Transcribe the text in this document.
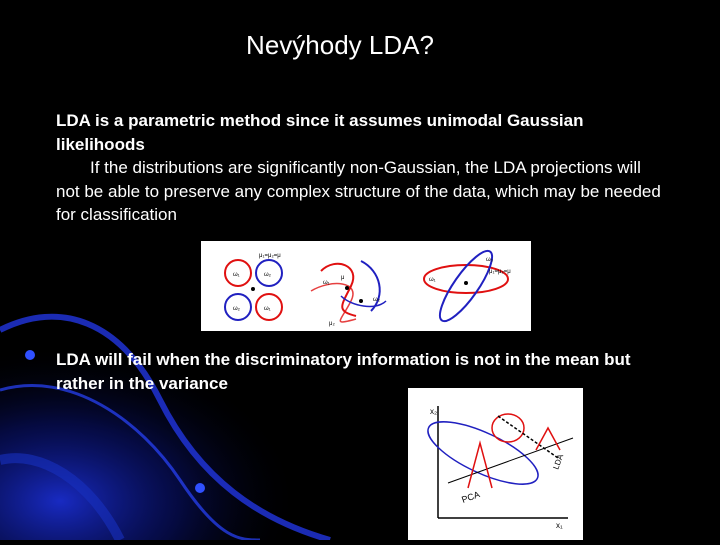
Nevýhody LDA?
LDA is a parametric method since it assumes unimodal Gaussian likelihoods
If the distributions are significantly non-Gaussian, the LDA projections will not be able to preserve any complex structure of the data, which may be needed for classification
ω₁	ω₂
ω₂	ω₁
μ₁=μ₂=μ
μ
μ₂
ω₁
ω₂
ω₁
ω₃
μ₁=μ₂=μ
LDA will fail when the discriminatory information is not in the mean but rather in the variance
x₂
x₁
PCA
LDA
